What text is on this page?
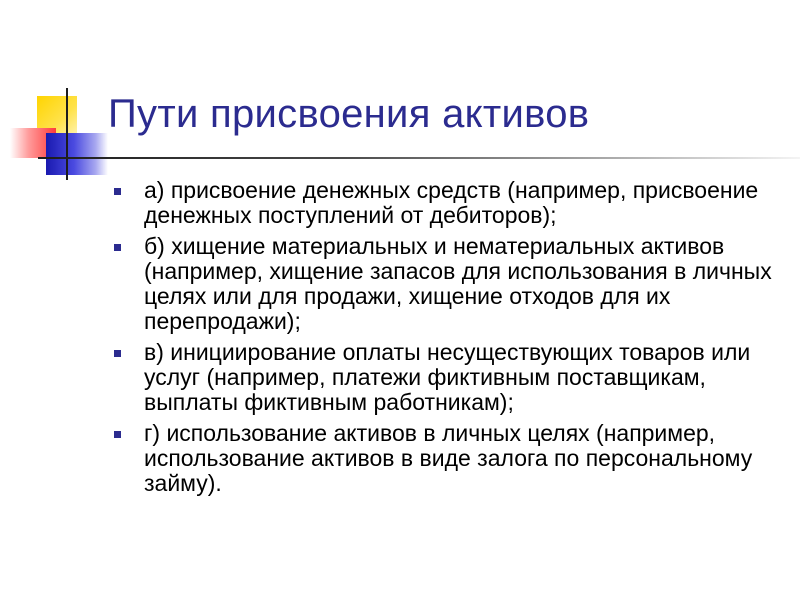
Пути присвоения активов
а) присвоение денежных средств (например, присвоение денежных поступлений от дебиторов);
б) хищение материальных и нематериальных активов (например, хищение запасов для использования в личных целях или для продажи, хищение отходов для их перепродажи);
в) инициирование оплаты несуществующих товаров или услуг (например, платежи фиктивным поставщикам, выплаты фиктивным работникам);
г) использование активов в личных целях (например, использование активов в виде залога по персональному займу).
